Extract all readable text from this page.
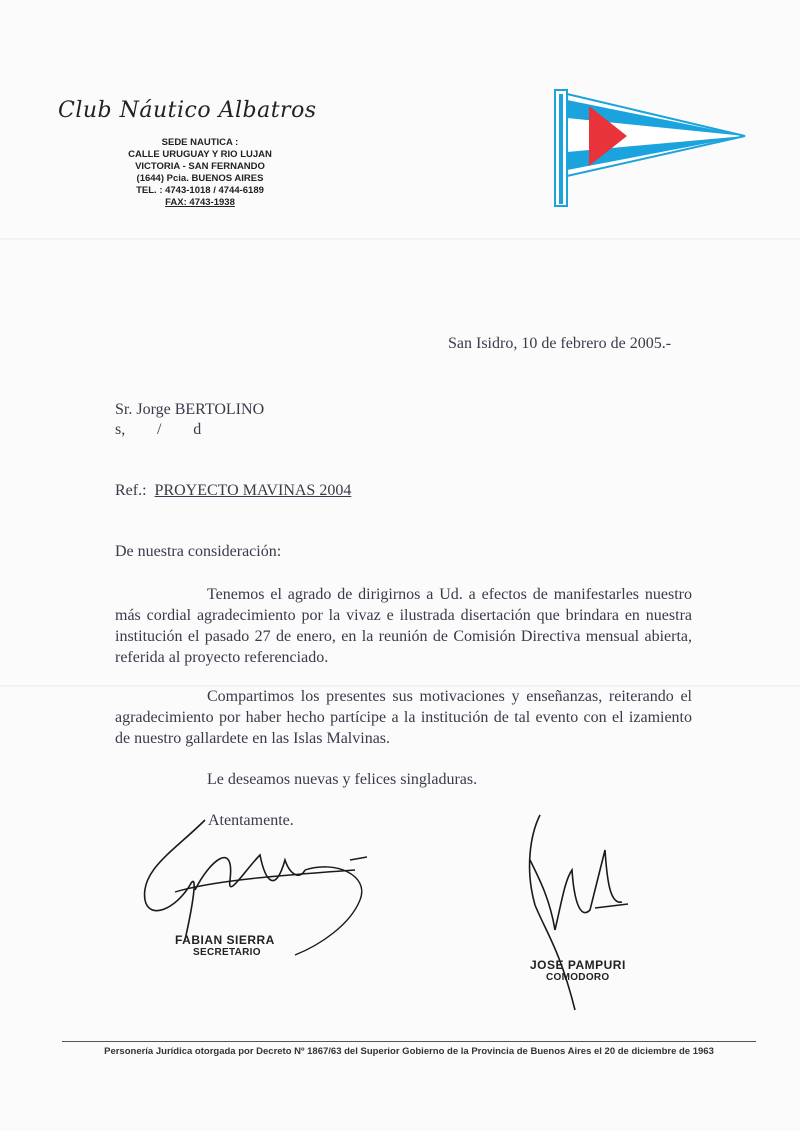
Club Náutico Albatros
SEDE NAUTICA :
CALLE URUGUAY Y RIO LUJAN
VICTORIA - SAN FERNANDO
(1644) Pcia. BUENOS AIRES
TEL. : 4743-1018 / 4744-6189
FAX: 4743-1938
San Isidro, 10 de febrero de 2005.-
Sr. Jorge BERTOLINO
s, / d
Ref.: PROYECTO MAVINAS 2004
De nuestra consideración:
Tenemos el agrado de dirigirnos a Ud. a efectos de manifestarles nuestro más cordial agradecimiento por la vivaz e ilustrada disertación que brindara en nuestra institución el pasado 27 de enero, en la reunión de Comisión Directiva mensual abierta, referida al proyecto referenciado.
Compartimos los presentes sus motivaciones y enseñanzas, reiterando el agradecimiento por haber hecho partícipe a la institución de tal evento con el izamiento de nuestro gallardete en las Islas Malvinas.
Le deseamos nuevas y felices singladuras.
Atentamente.
FABIAN SIERRA
SECRETARIO
JOSE PAMPURI
COMODORO
Personería Jurídica otorgada por Decreto Nº 1867/63 del Superior Gobierno de la Provincia de Buenos Aires el 20 de diciembre de 1963
